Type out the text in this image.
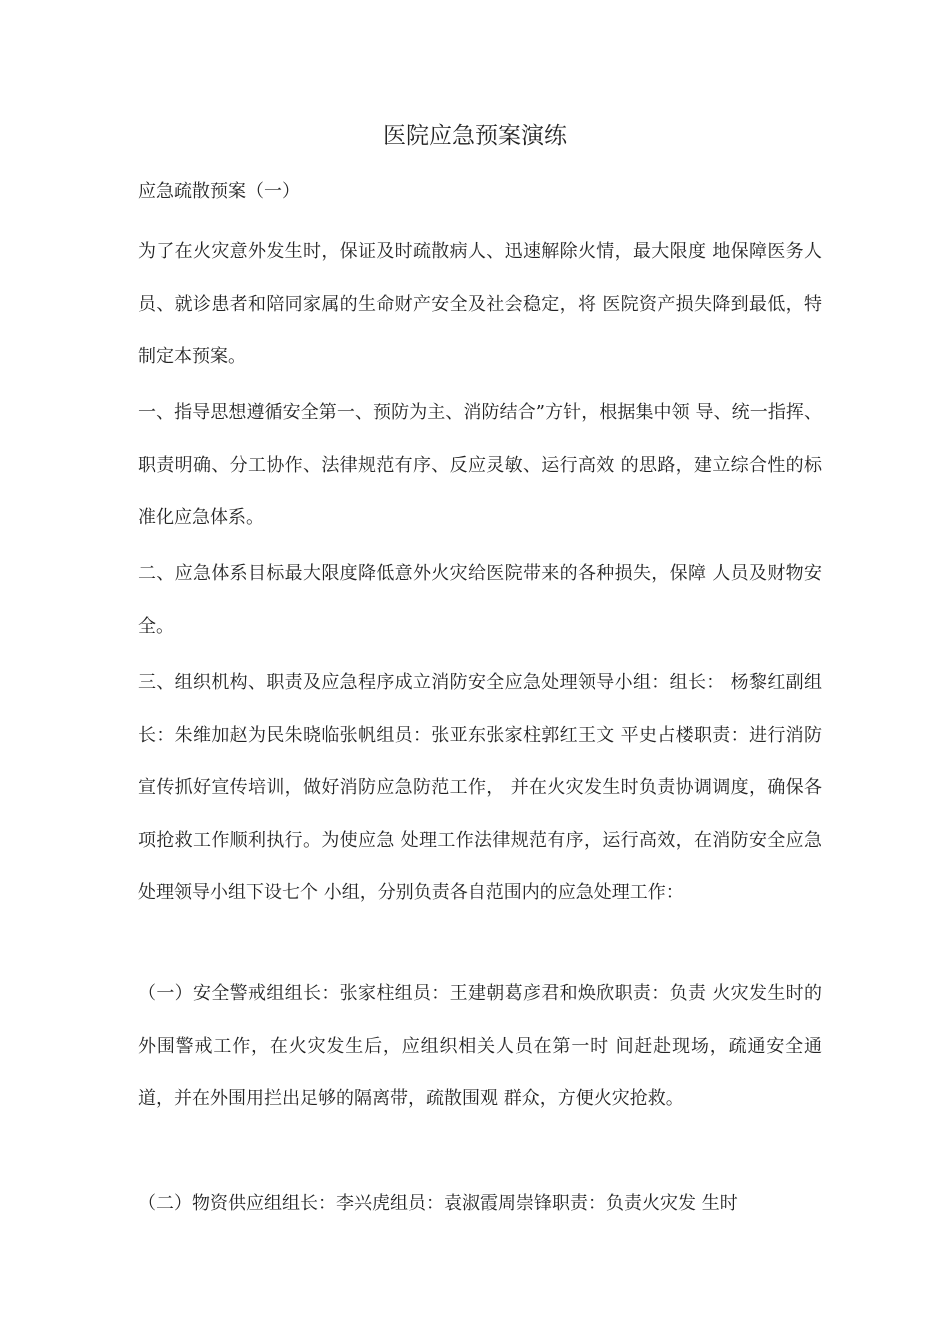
医院应急预案演练

应急疏散预案（一）

为了在火灾意外发生时，保证及时疏散病人、迅速解除火情，最大限度 地保障医务人员、就诊患者和陪同家属的生命财产安全及社会稳定，将 医院资产损失降到最低，特制定本预案。

一、指导思想遵循安全第一、预防为主、消防结合”方针，根据集中领 导、统一指挥、职责明确、分工协作、法律规范有序、反应灵敏、运行高效 的思路，建立综合性的标准化应急体系。

二、应急体系目标最大限度降低意外火灾给医院带来的各种损失，保障 人员及财物安全。

三、组织机构、职责及应急程序成立消防安全应急处理领导小组：组长： 杨黎红副组长：朱维加赵为民朱晓临张帆组员：张亚东张家柱郭红王文 平史占楼职责：进行消防宣传抓好宣传培训，做好消防应急防范工作， 并在火灾发生时负责协调调度，确保各项抢救工作顺利执行。为使应急 处理工作法律规范有序，运行高效，在消防安全应急处理领导小组下设七个 小组，分别负责各自范围内的应急处理工作：

（一）安全警戒组组长：张家柱组员：王建朝葛彦君和焕欣职责：负责 火灾发生时的外围警戒工作，在火灾发生后，应组织相关人员在第一时 间赶赴现场，疏通安全通道，并在外围用拦出足够的隔离带，疏散围观 群众，方便火灾抢救。

（二）物资供应组组长：李兴虎组员：袁淑霞周崇锋职责：负责火灾发 生时
